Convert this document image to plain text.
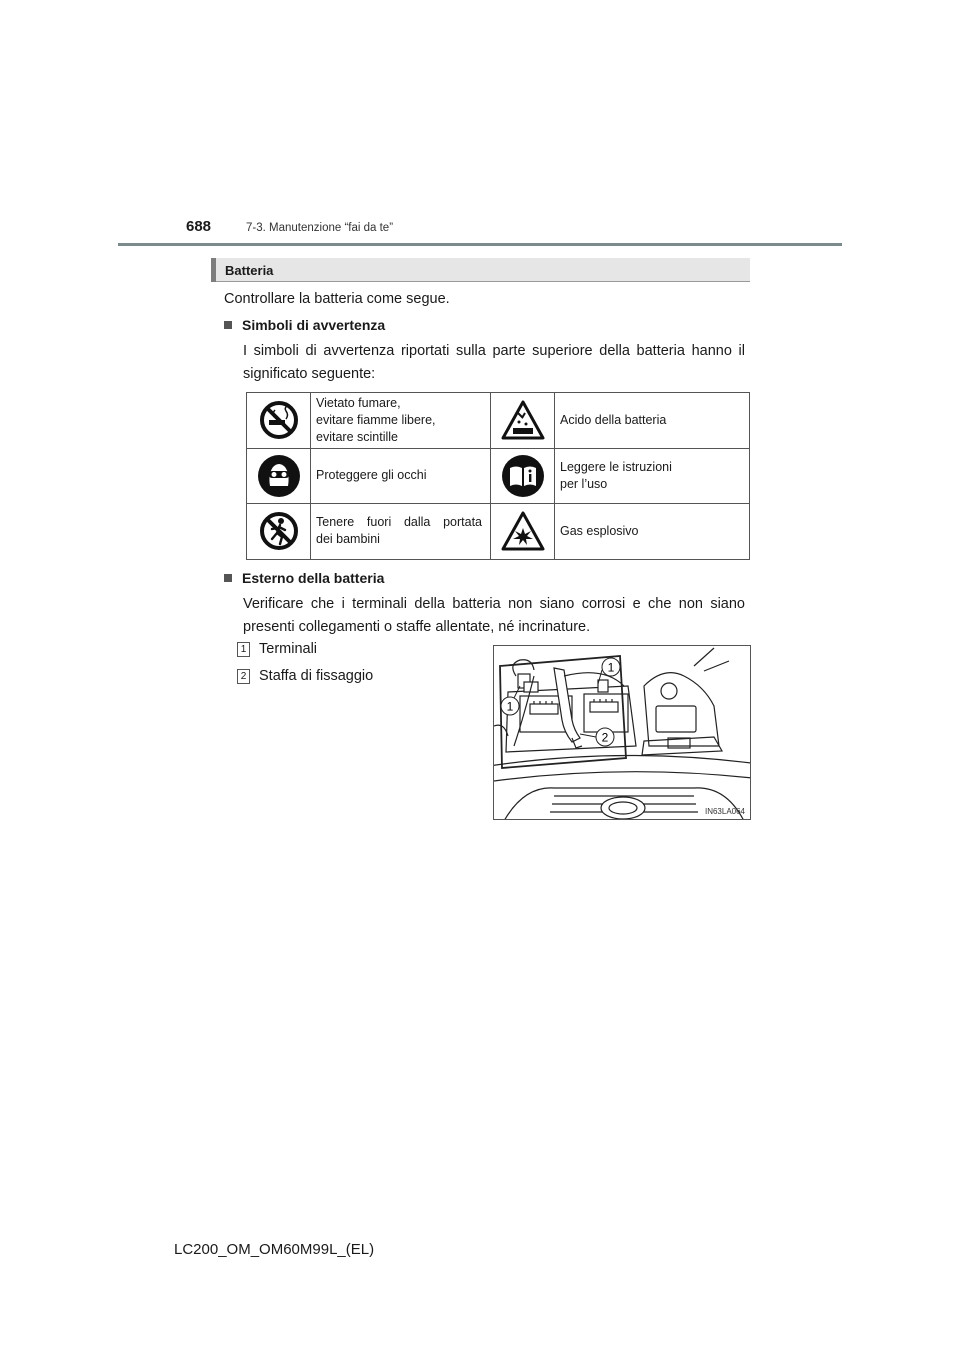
688	7-3. Manutenzione “fai da te”
Batteria
Controllare la batteria come segue.
Simboli di avvertenza
I simboli di avvertenza riportati sulla parte superiore della batteria hanno il significato seguente:

Vietato fumare,
evitare fiamme libere,
evitare scintille		Acido della batteria

Proteggere gli occhi		Leggere le istruzioni
per l’uso

Tenere fuori dalla portata
dei bambini		Gas esplosivo
Esterno della batteria
Verificare che i terminali della batteria non siano corrosi e che non siano presenti collegamenti o staffe allentate, né incrinature.
1 Terminali
2 Staffa di fissaggio
1
1
2
IN63LA064
LC200_OM_OM60M99L_(EL)
